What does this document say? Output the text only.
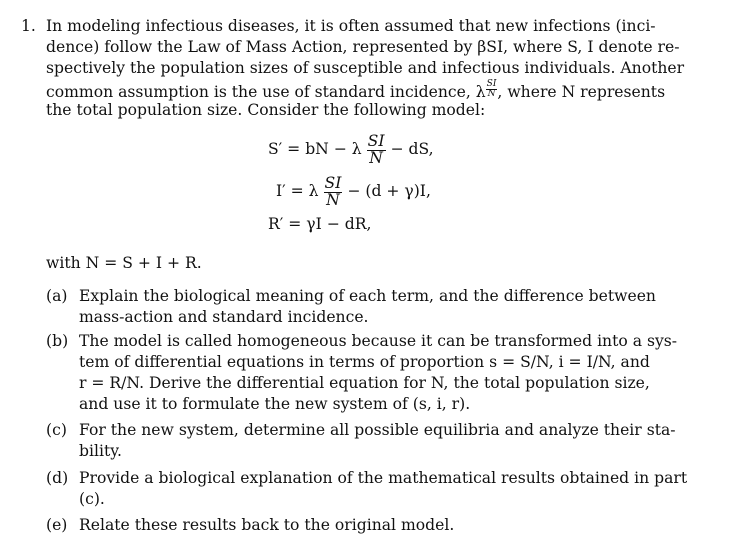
1. In modeling infectious diseases, it is often assumed that new infections (inci-
dence) follow the Law of Mass Action, represented by βSI, where S, I denote re-
spectively the population sizes of susceptible and infectious individuals. Another
common assumption is the use of standard incidence, λ $\frac{SI}{N}$ , where N represents
the total population size. Consider the following model:
S′ = bN − λ $\frac{SI}{N}$ − dS,
I′ = λ $\frac{SI}{N} - (d + \gamma)I$,
R′ = γI − dR,
with N = S + I + R.
(a) Explain the biological meaning of each term, and the difference between
mass-action and standard incidence.
(b) The model is called homogeneous because it can be transformed into a sys-
tem of differential equations in terms of proportion s = S/N, i = I/N, and
r = R/N. Derive the differential equation for N, the total population size,
and use it to formulate the new system of (s, i, r).
(c) For the new system, determine all possible equilibria and analyze their sta-
bility.
(d) Provide a biological explanation of the mathematical results obtained in part
(c).
(e) Relate these results back to the original model.
